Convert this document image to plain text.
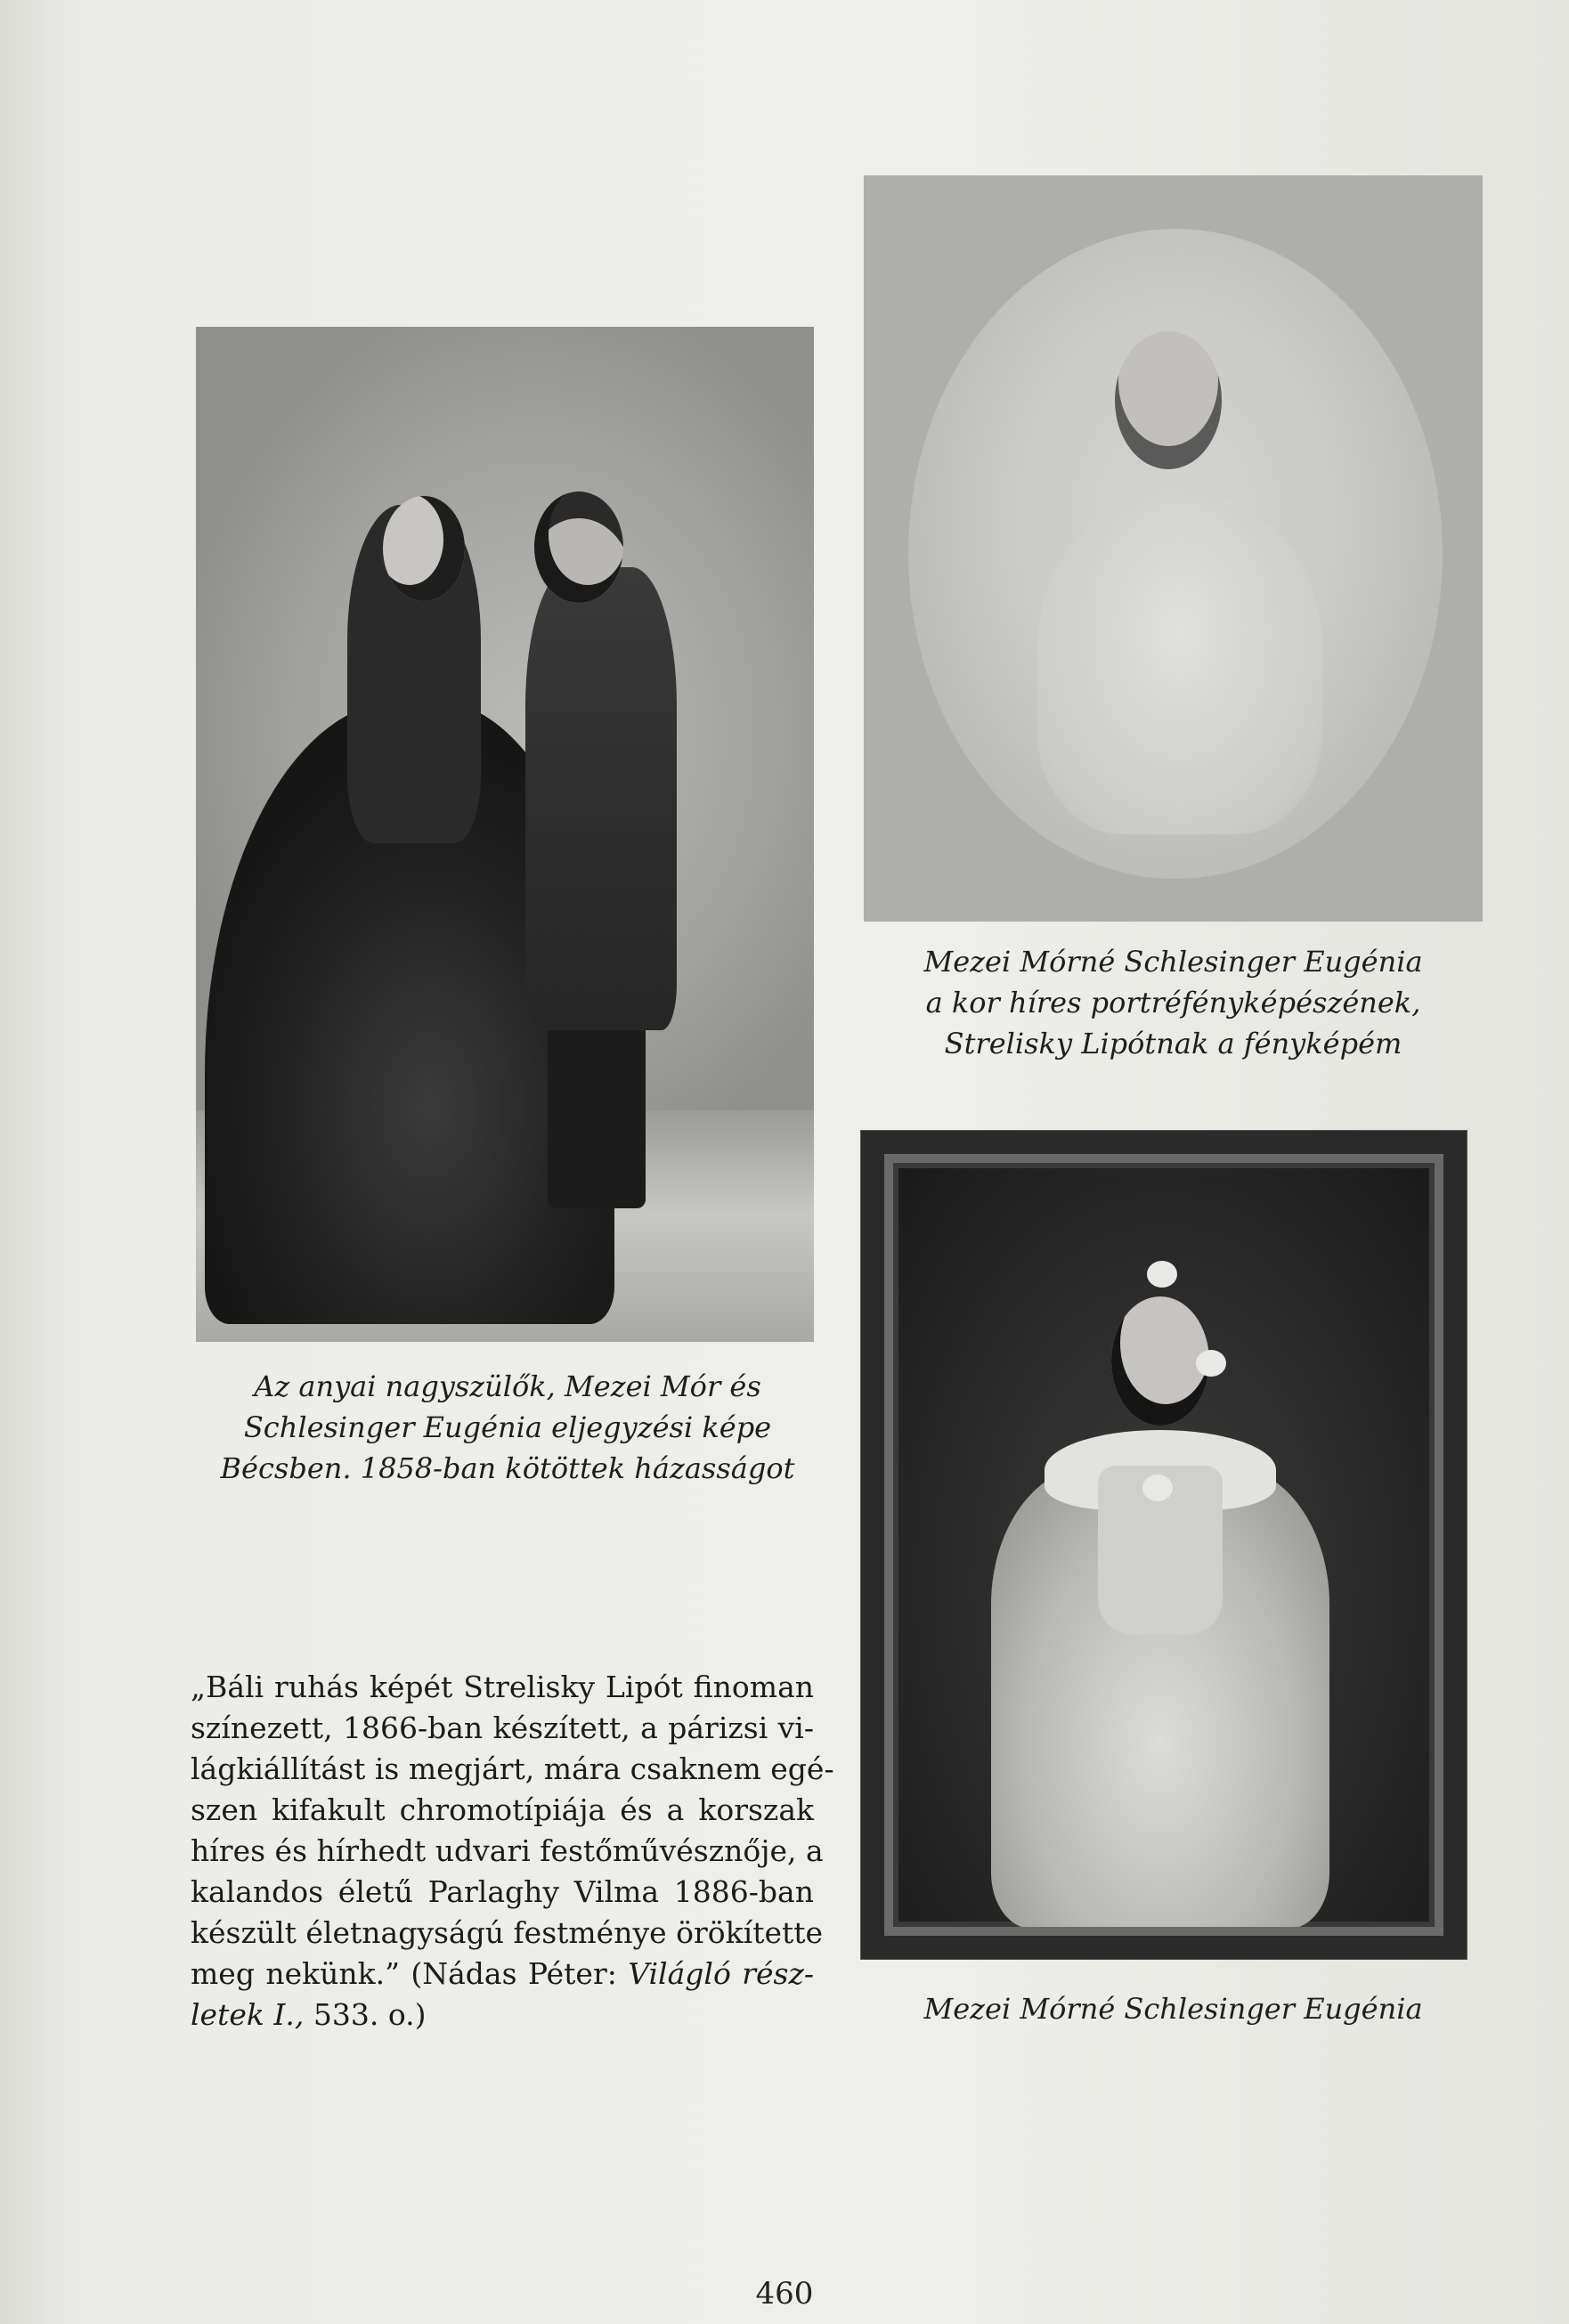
Az anyai nagyszülők, Mezei Mór és
Schlesinger Eugénia eljegyzési képe
Bécsben. 1858-ban kötöttek házasságot
Mezei Mórné Schlesinger Eugénia
a kor híres portréfényképészének,
Strelisky Lipótnak a fényképém
Mezei Mórné Schlesinger Eugénia
„Báli ruhás képét Strelisky Lipót finoman
színezett, 1866-ban készített, a párizsi vi-
lágkiállítást is megjárt, mára csaknem egé-
szen kifakult chromotípiája és a korszak
híres és hírhedt udvari festőművésznője, a
kalandos életű Parlaghy Vilma 1886-ban
készült életnagyságú festménye örökítette
meg nekünk.” (Nádas Péter: Világló rész-
letek I., 533. o.)
460
